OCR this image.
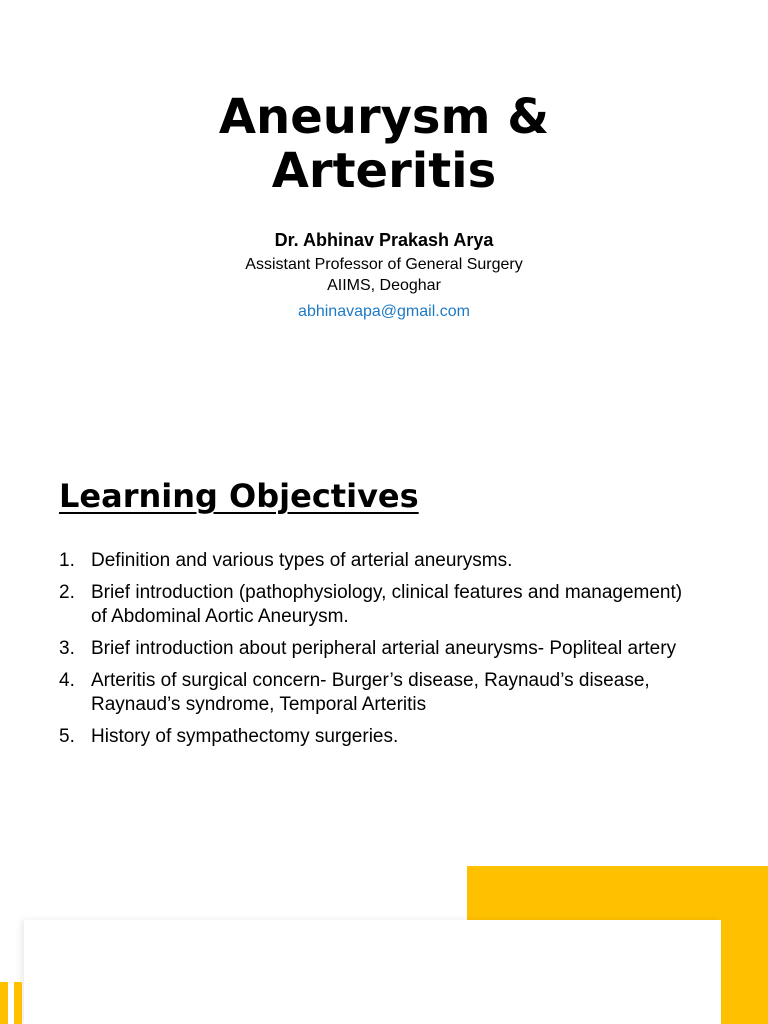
Aneurysm &
Arteritis
Dr. Abhinav Prakash Arya
Assistant Professor of General Surgery
AIIMS, Deoghar
abhinavapa@gmail.com
Learning Objectives
1. Definition and various types of arterial aneurysms.
2. Brief introduction (pathophysiology, clinical features and management) of Abdominal Aortic Aneurysm.
3. Brief introduction about peripheral arterial aneurysms- Popliteal artery
4. Arteritis of surgical concern- Burger’s disease, Raynaud’s disease, Raynaud’s syndrome, Temporal Arteritis
5. History of sympathectomy surgeries.
